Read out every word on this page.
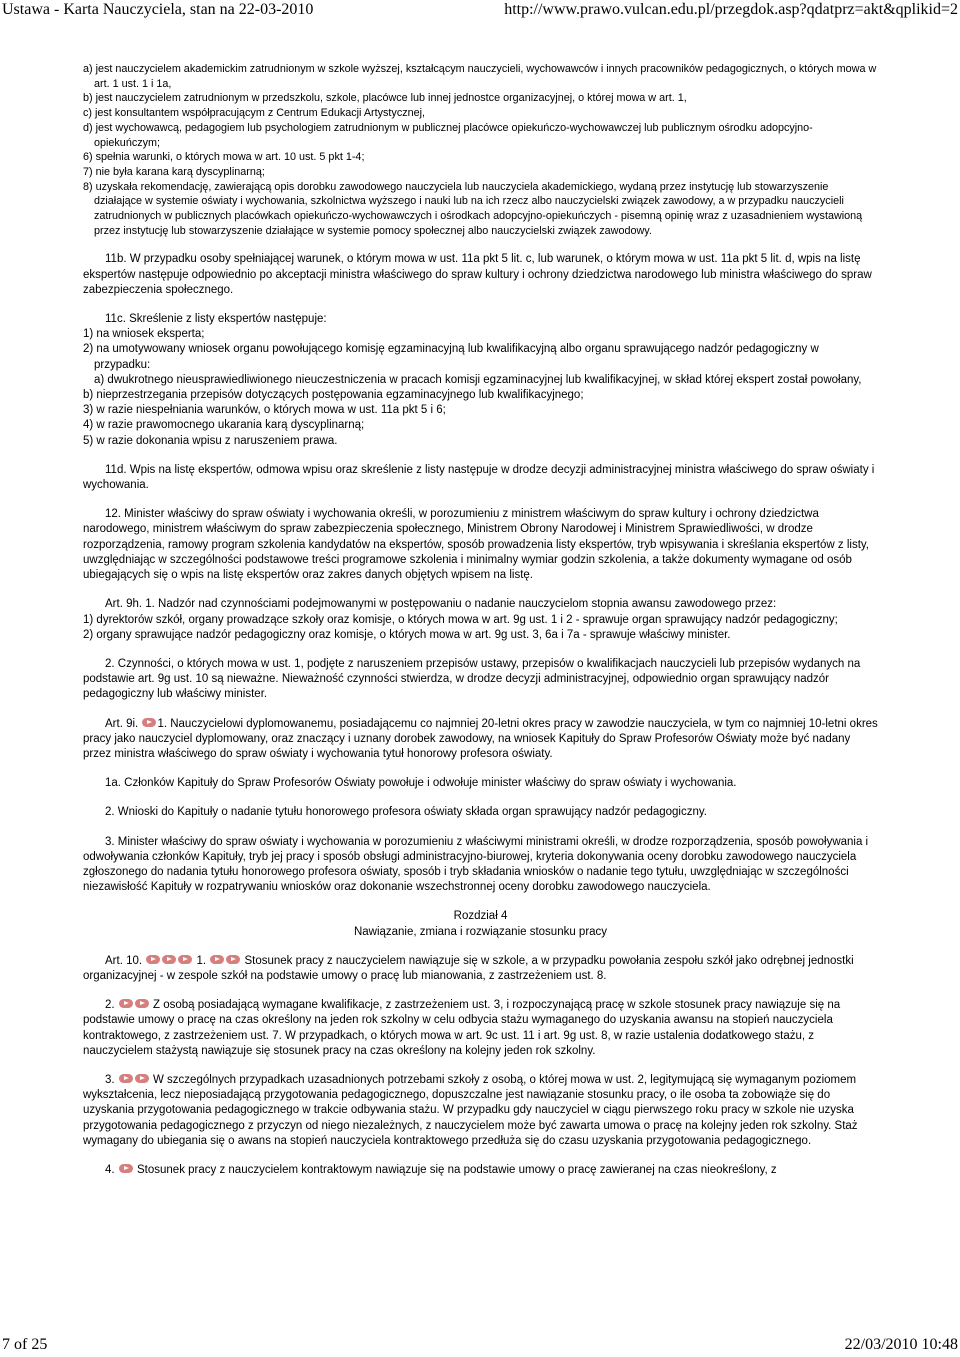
Ustawa - Karta Nauczyciela, stan na 22-03-2010	http://www.prawo.vulcan.edu.pl/przegdok.asp?qdatprz=akt&qplikid=2

a) jest nauczycielem akademickim zatrudnionym w szkole wyższej, kształcącym nauczycieli, wychowawców i innych pracowników pedagogicznych, o których mowa w art. 1 ust. 1 i 1a,

b) jest nauczycielem zatrudnionym w przedszkolu, szkole, placówce lub innej jednostce organizacyjnej, o której mowa w art. 1,

c) jest konsultantem współpracującym z Centrum Edukacji Artystycznej,

d) jest wychowawcą, pedagogiem lub psychologiem zatrudnionym w publicznej placówce opiekuńczo-wychowawczej lub publicznym ośrodku adopcyjno-opiekuńczym;

6) spełnia warunki, o których mowa w art. 10 ust. 5 pkt 1-4;

7) nie była karana karą dyscyplinarną;

8) uzyskała rekomendację, zawierającą opis dorobku zawodowego nauczyciela lub nauczyciela akademickiego, wydaną przez instytucję lub stowarzyszenie działające w systemie oświaty i wychowania, szkolnictwa wyższego i nauki lub na ich rzecz albo nauczycielski związek zawodowy, a w przypadku nauczycieli zatrudnionych w publicznych placówkach opiekuńczo-wychowawczych i ośrodkach adopcyjno-opiekuńczych - pisemną opinię wraz z uzasadnieniem wystawioną przez instytucję lub stowarzyszenie działające w systemie pomocy społecznej albo nauczycielski związek zawodowy.

11b. W przypadku osoby spełniającej warunek, o którym mowa w ust. 11a pkt 5 lit. c, lub warunek, o którym mowa w ust. 11a pkt 5 lit. d, wpis na listę ekspertów następuje odpowiednio po akceptacji ministra właściwego do spraw kultury i ochrony dziedzictwa narodowego lub ministra właściwego do spraw zabezpieczenia społecznego.

11c. Skreślenie z listy ekspertów następuje:

1) na wniosek eksperta;

2) na umotywowany wniosek organu powołującego komisję egzaminacyjną lub kwalifikacyjną albo organu sprawującego nadzór pedagogiczny w przypadku:

a) dwukrotnego nieusprawiedliwionego nieuczestniczenia w pracach komisji egzaminacyjnej lub kwalifikacyjnej, w skład której ekspert został powołany,

b) nieprzestrzegania przepisów dotyczących postępowania egzaminacyjnego lub kwalifikacyjnego;

3) w razie niespełniania warunków, o których mowa w ust. 11a pkt 5 i 6;

4) w razie prawomocnego ukarania karą dyscyplinarną;

5) w razie dokonania wpisu z naruszeniem prawa.

11d. Wpis na listę ekspertów, odmowa wpisu oraz skreślenie z listy następuje w drodze decyzji administracyjnej ministra właściwego do spraw oświaty i wychowania.

12. Minister właściwy do spraw oświaty i wychowania określi, w porozumieniu z ministrem właściwym do spraw kultury i ochrony dziedzictwa narodowego, ministrem właściwym do spraw zabezpieczenia społecznego, Ministrem Obrony Narodowej i Ministrem Sprawiedliwości, w drodze rozporządzenia, ramowy program szkolenia kandydatów na ekspertów, sposób prowadzenia listy ekspertów, tryb wpisywania i skreślania ekspertów z listy, uwzględniając w szczególności podstawowe treści programowe szkolenia i minimalny wymiar godzin szkolenia, a także dokumenty wymagane od osób ubiegających się o wpis na listę ekspertów oraz zakres danych objętych wpisem na listę.

Art. 9h. 1. Nadzór nad czynnościami podejmowanymi w postępowaniu o nadanie nauczycielom stopnia awansu zawodowego przez:

1) dyrektorów szkół, organy prowadzące szkoły oraz komisje, o których mowa w art. 9g ust. 1 i 2 - sprawuje organ sprawujący nadzór pedagogiczny;

2) organy sprawujące nadzór pedagogiczny oraz komisje, o których mowa w art. 9g ust. 3, 6a i 7a - sprawuje właściwy minister.

2. Czynności, o których mowa w ust. 1, podjęte z naruszeniem przepisów ustawy, przepisów o kwalifikacjach nauczycieli lub przepisów wydanych na podstawie art. 9g ust. 10 są nieważne. Nieważność czynności stwierdza, w drodze decyzji administracyjnej, odpowiednio organ sprawujący nadzór pedagogiczny lub właściwy minister.

Art. 9i. 1. Nauczycielowi dyplomowanemu, posiadającemu co najmniej 20-letni okres pracy w zawodzie nauczyciela, w tym co najmniej 10-letni okres pracy jako nauczyciel dyplomowany, oraz znaczący i uznany dorobek zawodowy, na wniosek Kapituły do Spraw Profesorów Oświaty może być nadany przez ministra właściwego do spraw oświaty i wychowania tytuł honorowy profesora oświaty.

1a. Członków Kapituły do Spraw Profesorów Oświaty powołuje i odwołuje minister właściwy do spraw oświaty i wychowania.

2. Wnioski do Kapituły o nadanie tytułu honorowego profesora oświaty składa organ sprawujący nadzór pedagogiczny.

3. Minister właściwy do spraw oświaty i wychowania w porozumieniu z właściwymi ministrami określi, w drodze rozporządzenia, sposób powoływania i odwoływania członków Kapituły, tryb jej pracy i sposób obsługi administracyjno-biurowej, kryteria dokonywania oceny dorobku zawodowego nauczyciela zgłoszonego do nadania tytułu honorowego profesora oświaty, sposób i tryb składania wniosków o nadanie tego tytułu, uwzględniając w szczególności niezawisłość Kapituły w rozpatrywaniu wniosków oraz dokonanie wszechstronnej oceny dorobku zawodowego nauczyciela.

Rozdział 4

Nawiązanie, zmiana i rozwiązanie stosunku pracy

Art. 10.	1.	Stosunek pracy z nauczycielem nawiązuje się w szkole, a w przypadku powołania zespołu szkół jako odrębnej jednostki organizacyjnej - w zespole szkół na podstawie umowy o pracę lub mianowania, z zastrzeżeniem ust. 8.

2.	Z osobą posiadającą wymagane kwalifikacje, z zastrzeżeniem ust. 3, i rozpoczynającą pracę w szkole stosunek pracy nawiązuje się na podstawie umowy o pracę na czas określony na jeden rok szkolny w celu odbycia stażu wymaganego do uzyskania awansu na stopień nauczyciela kontraktowego, z zastrzeżeniem ust. 7. W przypadkach, o których mowa w art. 9c ust. 11 i art. 9g ust. 8, w razie ustalenia dodatkowego stażu, z nauczycielem stażystą nawiązuje się stosunek pracy na czas określony na kolejny jeden rok szkolny.

3.	W szczególnych przypadkach uzasadnionych potrzebami szkoły z osobą, o której mowa w ust. 2, legitymującą się wymaganym poziomem wykształcenia, lecz nieposiadającą przygotowania pedagogicznego, dopuszczalne jest nawiązanie stosunku pracy, o ile osoba ta zobowiąże się do uzyskania przygotowania pedagogicznego w trakcie odbywania stażu. W przypadku gdy nauczyciel w ciągu pierwszego roku pracy w szkole nie uzyska przygotowania pedagogicznego z przyczyn od niego niezależnych, z nauczycielem może być zawarta umowa o pracę na kolejny jeden rok szkolny. Staż wymagany do ubiegania się o awans na stopień nauczyciela kontraktowego przedłuża się do czasu uzyskania przygotowania pedagogicznego.

4. Stosunek pracy z nauczycielem kontraktowym nawiązuje się na podstawie umowy o pracę zawieranej na czas nieokreślony, z

7 of 25	22/03/2010 10:48
